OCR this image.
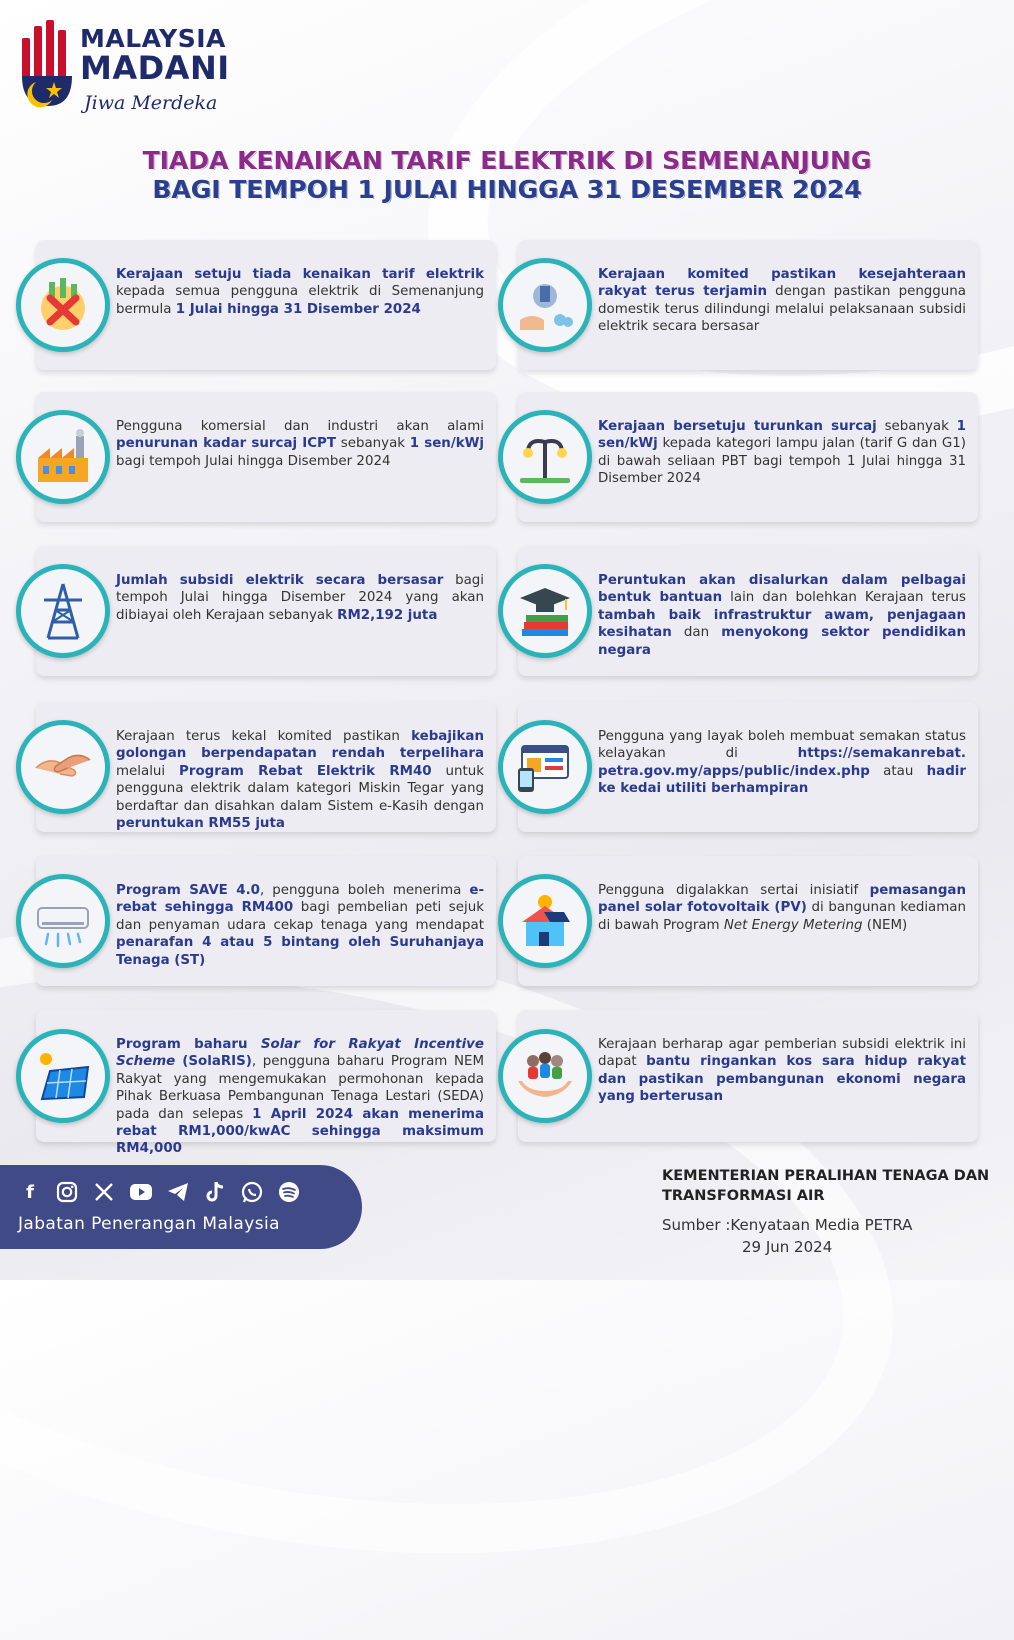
MALAYSIA
MADANI
Jiwa Merdeka
TIADA KENAIKAN TARIF ELEKTRIK DI SEMENANJUNG
BAGI TEMPOH 1 JULAI HINGGA 31 DESEMBER 2024
Kerajaan setuju tiada kenaikan tarif elektrik kepada semua pengguna elektrik di Semenanjung bermula 1 Julai hingga 31 Disember 2024
Kerajaan komited pastikan kesejahteraan rakyat terus terjamin dengan pastikan pengguna domestik terus dilindungi melalui pelaksanaan subsidi elektrik secara bersasar
Pengguna komersial dan industri akan alami penurunan kadar surcaj ICPT sebanyak 1 sen/kWj bagi tempoh Julai hingga Disember 2024
Kerajaan bersetuju turunkan surcaj sebanyak 1 sen/kWj kepada kategori lampu jalan (tarif G dan G1) di bawah seliaan PBT bagi tempoh 1 Julai hingga 31 Disember 2024
Jumlah subsidi elektrik secara bersasar bagi tempoh Julai hingga Disember 2024 yang akan dibiayai oleh Kerajaan sebanyak RM2,192 juta
Peruntukan akan disalurkan dalam pelbagai bentuk bantuan lain dan bolehkan Kerajaan terus tambah baik infrastruktur awam, penjagaan kesihatan dan menyokong sektor pendidikan negara
Kerajaan terus kekal komited pastikan kebajikan golongan berpendapatan rendah terpelihara melalui Program Rebat Elektrik RM40 untuk pengguna elektrik dalam kategori Miskin Tegar yang berdaftar dan disahkan dalam Sistem e-Kasih dengan peruntukan RM55 juta
Pengguna yang layak boleh membuat semakan status kelayakan di https://semakanrebat. petra.gov.my/apps/public/index.php atau hadir ke kedai utiliti berhampiran
Program SAVE 4.0, pengguna boleh menerima e-rebat sehingga RM400 bagi pembelian peti sejuk dan penyaman udara cekap tenaga yang mendapat penarafan 4 atau 5 bintang oleh Suruhanjaya Tenaga (ST)
Pengguna digalakkan sertai inisiatif pemasangan panel solar fotovoltaik (PV) di bangunan kediaman di bawah Program Net Energy Metering (NEM)
Program baharu Solar for Rakyat Incentive Scheme (SolaRIS), pengguna baharu Program NEM Rakyat yang mengemukakan permohonan kepada Pihak Berkuasa Pembangunan Tenaga Lestari (SEDA) pada dan selepas 1 April 2024 akan menerima rebat RM1,000/kwAC sehingga maksimum RM4,000
Kerajaan berharap agar pemberian subsidi elektrik ini dapat bantu ringankan kos sara hidup rakyat dan pastikan pembangunan ekonomi negara yang berterusan
f
Jabatan Penerangan Malaysia
KEMENTERIAN PERALIHAN TENAGA DAN TRANSFORMASI AIR
Sumber :Kenyataan Media PETRA
29 Jun 2024
